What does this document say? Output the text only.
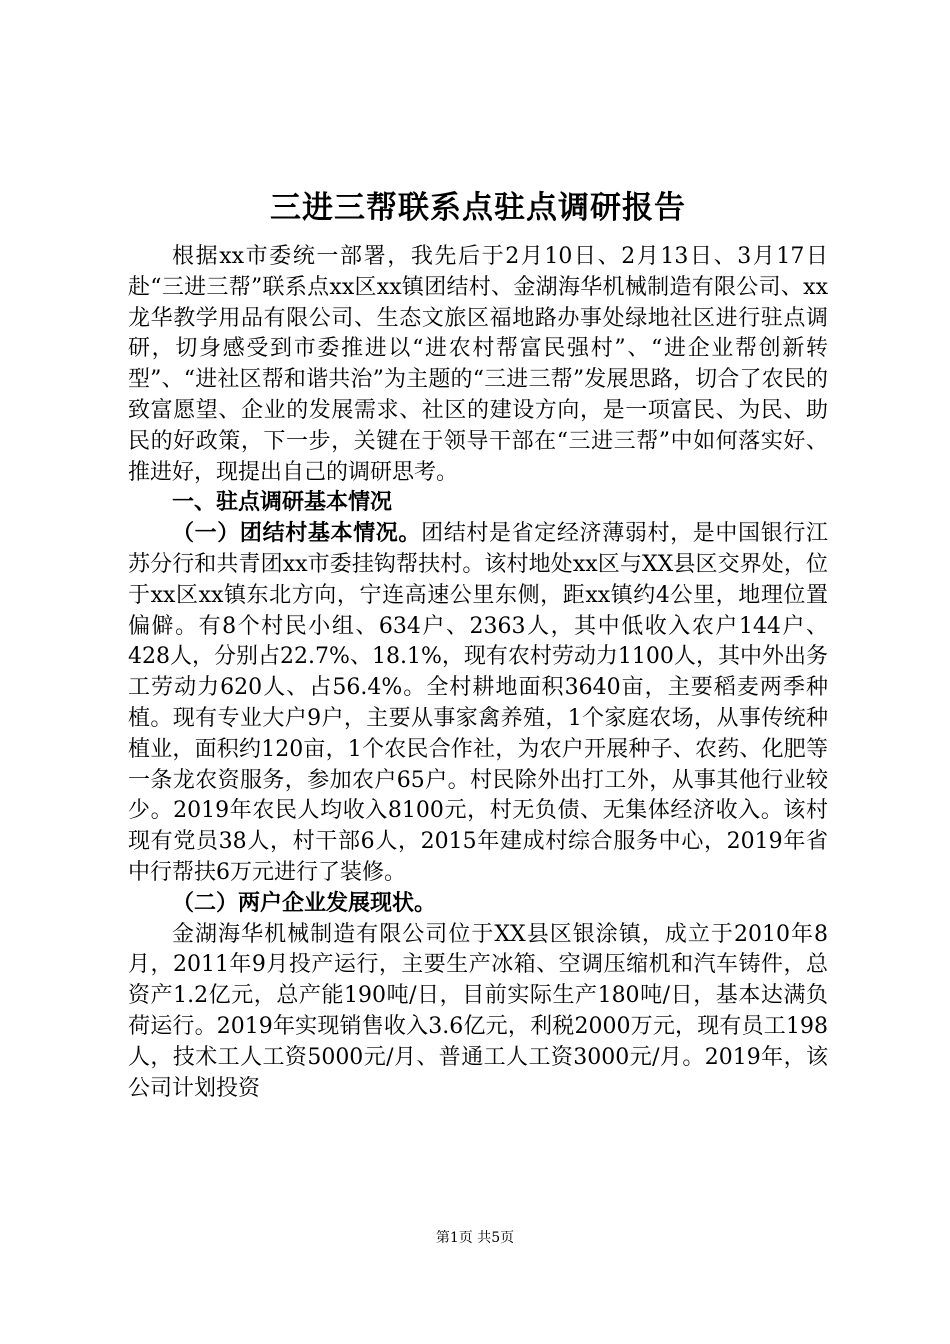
三进三帮联系点驻点调研报告

根据xx市委统一部署，我先后于2月10日、2月13日、3月17日赴“三进三帮”联系点xx区xx镇团结村、金湖海华机械制造有限公司、xx龙华教学用品有限公司、生态文旅区福地路办事处绿地社区进行驻点调研，切身感受到市委推进以“进农村帮富民强村”、“进企业帮创新转型”、“进社区帮和谐共治”为主题的“三进三帮”发展思路，切合了农民的致富愿望、企业的发展需求、社区的建设方向，是一项富民、为民、助民的好政策，下一步，关键在于领导干部在“三进三帮”中如何落实好、推进好，现提出自己的调研思考。

一、驻点调研基本情况

（一）团结村基本情况。团结村是省定经济薄弱村，是中国银行江苏分行和共青团xx市委挂钩帮扶村。该村地处xx区与XX县区交界处，位于xx区xx镇东北方向，宁连高速公里东侧，距xx镇约4公里，地理位置偏僻。有8个村民小组、634户、2363人，其中低收入农户144户、428人，分别占22.7%、18.1%，现有农村劳动力1100人，其中外出务工劳动力620人、占56.4%。全村耕地面积3640亩，主要稻麦两季种植。现有专业大户9户，主要从事家禽养殖，1个家庭农场，从事传统种植业，面积约120亩，1个农民合作社，为农户开展种子、农药、化肥等一条龙农资服务，参加农户65户。村民除外出打工外，从事其他行业较少。2019年农民人均收入8100元，村无负债、无集体经济收入。该村现有党员38人，村干部6人，2015年建成村综合服务中心，2019年省中行帮扶6万元进行了装修。

（二）两户企业发展现状。

金湖海华机械制造有限公司位于XX县区银涂镇，成立于2010年8月，2011年9月投产运行，主要生产冰箱、空调压缩机和汽车铸件，总资产1.2亿元，总产能190吨/日，目前实际生产180吨/日，基本达满负荷运行。2019年实现销售收入3.6亿元，利税2000万元，现有员工198人，技术工人工资5000元/月、普通工人工资3000元/月。2019年，该公司计划投资

第1页 共5页
